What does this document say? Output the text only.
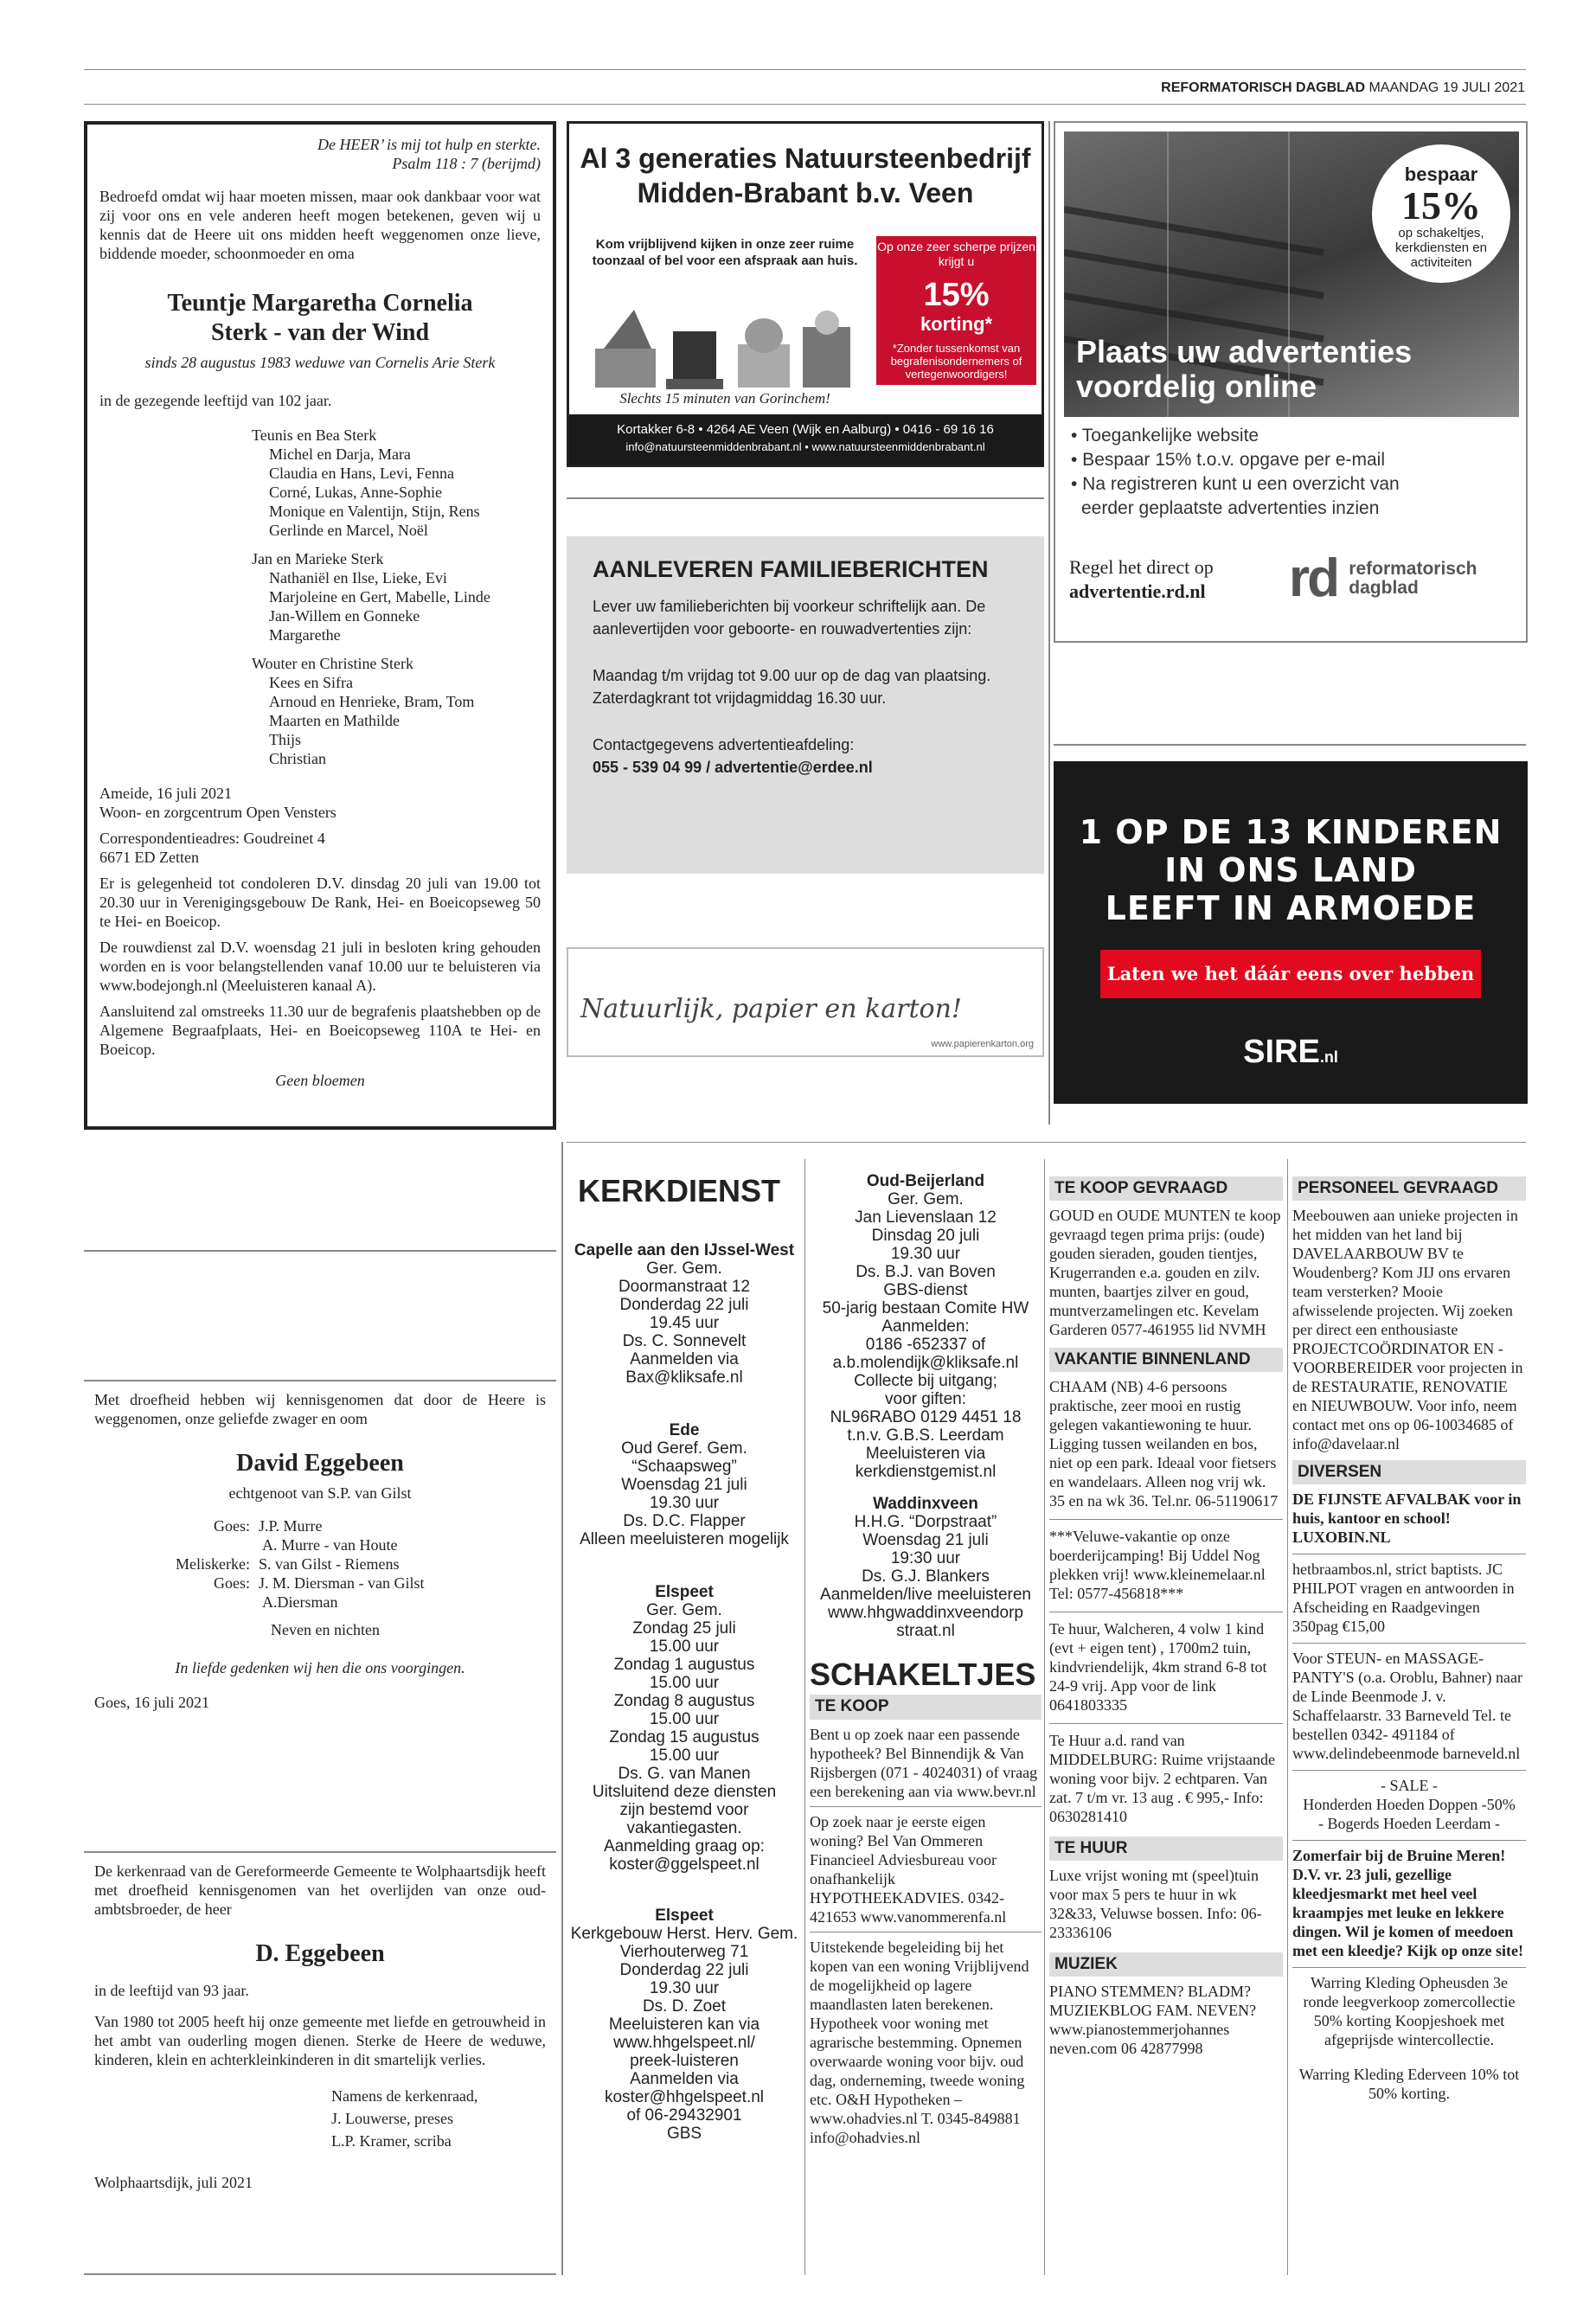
REFORMATORISCH DAGBLAD MAANDAG 19 JULI 2021
De HEER’ is mij tot hulp en sterkte.
Psalm 118 : 7 (berijmd)
Bedroefd omdat wij haar moeten missen, maar ook dankbaar voor wat zij voor ons en vele anderen heeft mogen betekenen, geven wij u kennis dat de Heere uit ons midden heeft weggenomen onze lieve, biddende moeder, schoonmoeder en oma
Teuntje Margaretha Cornelia
Sterk - van der Wind
sinds 28 augustus 1983 weduwe van Cornelis Arie Sterk
in de gezegende leeftijd van 102 jaar.
Teunis en Bea Sterk
Michel en Darja, Mara
Claudia en Hans, Levi, Fenna
Corné, Lukas, Anne-Sophie
Monique en Valentijn, Stijn, Rens
Gerlinde en Marcel, Noël
Jan en Marieke Sterk
Nathaniël en Ilse, Lieke, Evi
Marjoleine en Gert, Mabelle, Linde
Jan-Willem en Gonneke
Margarethe
Wouter en Christine Sterk
Kees en Sifra
Arnoud en Henrieke, Bram, Tom
Maarten en Mathilde
Thijs
Christian
Ameide, 16 juli 2021
Woon- en zorgcentrum Open Vensters
Correspondentieadres: Goudreinet 4
6671 ED Zetten
Er is gelegenheid tot condoleren D.V. dinsdag 20 juli van 19.00 tot 20.30 uur in Verenigingsgebouw De Rank, Hei- en Boeicopseweg 50 te Hei- en Boeicop.
De rouwdienst zal D.V. woensdag 21 juli in besloten kring gehouden worden en is voor belangstellenden vanaf 10.00 uur te beluisteren via www.bodejongh.nl (Meeluisteren kanaal A).
Aansluitend zal omstreeks 11.30 uur de begrafenis plaatshebben op de Algemene Begraafplaats, Hei- en Boeicopseweg 110A te Hei- en Boeicop.
Geen bloemen
Al 3 generaties Natuursteenbedrijf
Midden-Brabant b.v. Veen
Kom vrijblijvend kijken in onze zeer ruime toonzaal of bel voor een afspraak aan huis.
Op onze zeer scherpe prijzen krijgt u
15%
korting*
*Zonder tussenkomst van begrafenisondernemers of vertegenwoordigers!
Slechts 15 minuten van Gorinchem!
Kortakker 6-8 • 4264 AE Veen (Wijk en Aalburg) • 0416 - 69 16 16
info@natuursteenmiddenbrabant.nl • www.natuursteenmiddenbrabant.nl
bespaar
15%
op schakeltjes, kerkdiensten en activiteiten
Plaats uw advertenties
voordelig online
• Toegankelijke website
• Bespaar 15% t.o.v. opgave per e-mail
• Na registreren kunt u een overzicht van
eerder geplaatste advertenties inzien
Regel het direct op
advertentie.rd.nl rd reformatorisch
dagblad
AANLEVEREN FAMILIEBERICHTEN
Lever uw familieberichten bij voorkeur schriftelijk aan. De aanlevertijden voor geboorte- en rouwadvertenties zijn:
Maandag t/m vrijdag tot 9.00 uur op de dag van plaatsing.
Zaterdagkrant tot vrijdagmiddag 16.30 uur.
Contactgegevens advertentieafdeling:
055 - 539 04 99 / advertentie@erdee.nl
Natuurlijk, papier en karton!
www.papierenkarton.org
1 OP DE 13 KINDEREN
IN ONS LAND
LEEFT IN ARMOEDE
Laten we het dáár eens over hebben
SIRE.nl
Met droefheid hebben wij kennisgenomen dat door de Heere is weggenomen, onze geliefde zwager en oom
David Eggebeen
echtgenoot van S.P. van Gilst
Goes: J.P. Murre
A. Murre - van Houte
Meliskerke: S. van Gilst - Riemens
Goes: J. M. Diersman - van Gilst
A.Diersman
Neven en nichten
In liefde gedenken wij hen die ons voorgingen.
Goes, 16 juli 2021
De kerkenraad van de Gereformeerde Gemeente te Wolphaartsdijk heeft met droefheid kennisgenomen van het overlijden van onze oud-ambtsbroeder, de heer
D. Eggebeen
in de leeftijd van 93 jaar.
Van 1980 tot 2005 heeft hij onze gemeente met liefde en getrouwheid in het ambt van ouderling mogen dienen. Sterke de Heere de weduwe, kinderen, klein en achterkleinkinderen in dit smartelijk verlies.
Namens de kerkenraad,
J. Louwerse, preses
L.P. Kramer, scriba
Wolphaartsdijk, juli 2021
KERKDIENST
Capelle aan den IJssel-West
Ger. Gem.
Doormanstraat 12
Donderdag 22 juli
19.45 uur
Ds. C. Sonnevelt
Aanmelden via
Bax@kliksafe.nl
Ede
Oud Geref. Gem.
“Schaapsweg”
Woensdag 21 juli
19.30 uur
Ds. D.C. Flapper
Alleen meeluisteren mogelijk
Elspeet
Ger. Gem.
Zondag 25 juli
15.00 uur
Zondag 1 augustus
15.00 uur
Zondag 8 augustus
15.00 uur
Zondag 15 augustus
15.00 uur
Ds. G. van Manen
Uitsluitend deze diensten
zijn bestemd voor
vakantiegasten.
Aanmelding graag op:
koster@ggelspeet.nl
Elspeet
Kerkgebouw Herst. Herv. Gem.
Vierhouterweg 71
Donderdag 22 juli
19.30 uur
Ds. D. Zoet
Meeluisteren kan via
www.hhgelspeet.nl/
preek-luisteren
Aanmelden via
koster@hhgelspeet.nl
of 06-29432901
GBS
Oud-Beijerland
Ger. Gem.
Jan Lievenslaan 12
Dinsdag 20 juli
19.30 uur
Ds. B.J. van Boven
GBS-dienst
50-jarig bestaan Comite HW
Aanmelden:
0186 -652337 of
a.b.molendijk@kliksafe.nl
Collecte bij uitgang;
voor giften:
NL96RABO 0129 4451 18
t.n.v. G.B.S. Leerdam
Meeluisteren via
kerkdienstgemist.nl
Waddinxveen
H.H.G. “Dorpstraat”
Woensdag 21 juli
19:30 uur
Ds. G.J. Blankers
Aanmelden/live meeluisteren
www.hhgwaddinxveendorp
straat.nl
SCHAKELTJES
TE KOOP
Bent u op zoek naar een passende hypotheek? Bel Binnendijk & Van Rijsbergen (071 - 4024031) of vraag een berekening aan via www.bevr.nl
Op zoek naar je eerste eigen woning? Bel Van Ommeren Financieel Adviesbureau voor onafhankelijk HYPOTHEEKADVIES. 0342-421653 www.vanommerenfa.nl
Uitstekende begeleiding bij het kopen van een woning Vrijblijvend de mogelijkheid op lagere maandlasten laten berekenen. Hypotheek voor woning met agrarische bestemming. Opnemen overwaarde woning voor bijv. oud dag, onderneming, tweede woning etc. O&H Hypotheken – www.ohadvies.nl T. 0345-849881 info@ohadvies.nl
TE KOOP GEVRAAGD
GOUD en OUDE MUNTEN te koop gevraagd tegen prima prijs: (oude) gouden sieraden, gouden tientjes, Krugerranden e.a. gouden en zilv. munten, baartjes zilver en goud, muntverzamelingen etc. Kevelam Garderen 0577-461955 lid NVMH
VAKANTIE BINNENLAND
CHAAM (NB) 4-6 persoons praktische, zeer mooi en rustig gelegen vakantiewoning te huur. Ligging tussen weilanden en bos, niet op een park. Ideaal voor fietsers en wandelaars. Alleen nog vrij wk. 35 en na wk 36. Tel.nr. 06-51190617
***Veluwe-vakantie op onze boerderijcamping! Bij Uddel Nog plekken vrij! www.kleinemelaar.nl Tel: 0577-456818***
Te huur, Walcheren, 4 volw 1 kind (evt + eigen tent) , 1700m2 tuin, kindvriendelijk, 4km strand 6-8 tot 24-9 vrij. App voor de link 0641803335
Te Huur a.d. rand van MIDDELBURG: Ruime vrijstaande woning voor bijv. 2 echtparen. Van zat. 7 t/m vr. 13 aug . € 995,- Info: 0630281410
TE HUUR
Luxe vrijst woning mt (speel)tuin voor max 5 pers te huur in wk 32&33, Veluwse bossen. Info: 06-23336106
MUZIEK
PIANO STEMMEN? BLADM? MUZIEKBLOG FAM. NEVEN? www.pianostemmerjohannes neven.com 06 42877998
PERSONEEL GEVRAAGD
Meebouwen aan unieke projecten in het midden van het land bij DAVELAARBOUW BV te Woudenberg? Kom JIJ ons ervaren team versterken? Mooie afwisselende projecten. Wij zoeken per direct een enthousiaste PROJECTCOÖRDINATOR EN -VOORBEREIDER voor projecten in de RESTAURATIE, RENOVATIE en NIEUWBOUW. Voor info, neem contact met ons op 06-10034685 of info@davelaar.nl
DIVERSEN
DE FIJNSTE AFVALBAK voor in huis, kantoor en school! LUXOBIN.NL
hetbraambos.nl, strict baptists. JC PHILPOT vragen en antwoorden in Afscheiding en Raadgevingen 350pag €15,00
Voor STEUN- en MASSAGE-PANTY'S (o.a. Oroblu, Bahner) naar de Linde Beenmode J. v. Schaffelaarstr. 33 Barneveld Tel. te bestellen 0342- 491184 of www.delindebeenmode barneveld.nl
- SALE -
Honderden Hoeden Doppen -50%
- Bogerds Hoeden Leerdam -
Zomerfair bij de Bruine Meren! D.V. vr. 23 juli, gezellige kleedjesmarkt met heel veel kraampjes met leuke en lekkere dingen. Wil je komen of meedoen met een kleedje? Kijk op onze site!
Warring Kleding Opheusden 3e ronde leegverkoop zomercollectie 50% korting Koopjeshoek met afgeprijsde wintercollectie.
Warring Kleding Ederveen 10% tot 50% korting.
